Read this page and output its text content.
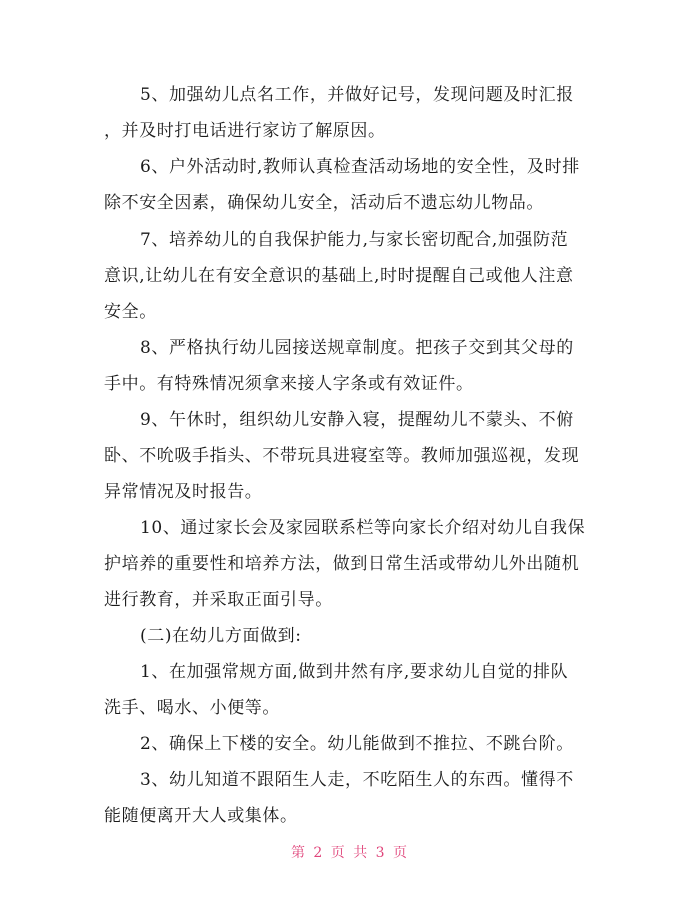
5、加强幼儿点名工作，并做好记号，发现问题及时汇报
，并及时打电话进行家访了解原因。
6、户外活动时,教师认真检查活动场地的安全性，及时排
除不安全因素，确保幼儿安全，活动后不遗忘幼儿物品。
7、培养幼儿的自我保护能力,与家长密切配合,加强防范
意识,让幼儿在有安全意识的基础上,时时提醒自己或他人注意
安全。
8、严格执行幼儿园接送规章制度。把孩子交到其父母的
手中。有特殊情况须拿来接人字条或有效证件。
9、午休时，组织幼儿安静入寝，提醒幼儿不蒙头、不俯
卧、不吮吸手指头、不带玩具进寝室等。教师加强巡视，发现
异常情况及时报告。
10、通过家长会及家园联系栏等向家长介绍对幼儿自我保
护培养的重要性和培养方法，做到日常生活或带幼儿外出随机
进行教育，并采取正面引导。
(二)在幼儿方面做到:
1、在加强常规方面,做到井然有序,要求幼儿自觉的排队
洗手、喝水、小便等。
2、确保上下楼的安全。幼儿能做到不推拉、不跳台阶。
3、幼儿知道不跟陌生人走，不吃陌生人的东西。懂得不
能随便离开大人或集体。
第 2 页 共 3 页
